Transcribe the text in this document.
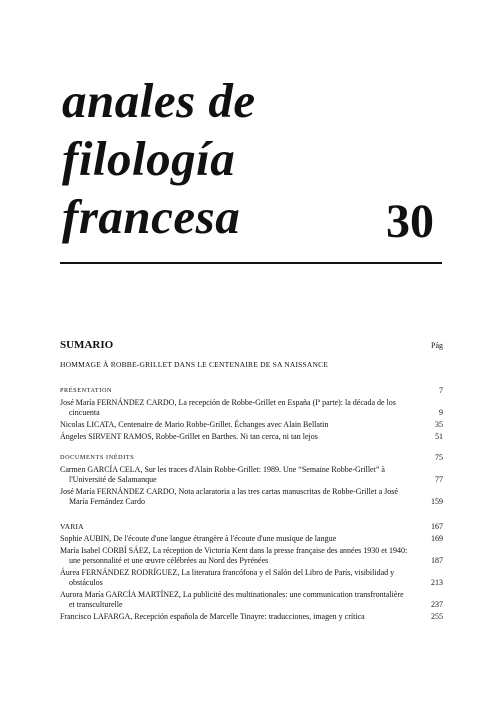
anales de
filología
francesa	30
SUMARIO	Pág
HOMMAGE À ROBBE-GRILLET DANS LE CENTENAIRE DE SA NAISSANCE
PRÉSENTATION	7
José María FERNÁNDEZ CARDO, La recepción de Robbe-Grillet en España (Iª parte): la década de los
cincuenta	9
Nicolas LICATA, Centenaire de Mario Robbe-Grillet. Échanges avec Alain Bellatin	35
Ángeles SIRVENT RAMOS, Robbe-Grillet en Barthes. Ni tan cerca, ni tan lejos	51
DOCUMENTS INÉDITS	75
Carmen GARCÍA CELA, Sur les traces d'Alain Robbe-Grillet: 1989. Une “Semaine Robbe-Grillet” à
l'Université de Salamanque	77
José María FERNÁNDEZ CARDO, Nota aclaratoria a las tres cartas manuscritas de Robbe-Grillet a José
María Fernández Cardo	159
VARIA	167
Sophie AUBIN, De l'écoute d'une langue étrangère à l'écoute d'une musique de langue	169
María Isabel CORBÍ SÁEZ, La réception de Victoria Kent dans la presse française des années 1930 et 1940:
une personnalité et une œuvre célébrées au Nord des Pyrénées	187
Áurea FERNÁNDEZ RODRÍGUEZ, La literatura francófona y el Salón del Libro de París, visibilidad y
obstáculos	213
Aurora María GARCÍA MARTÍNEZ, La publicité des multinationales: une communication transfrontalière
et transculturelle	237
Francisco LAFARGA, Recepción española de Marcelle Tinayre: traducciones, imagen y crítica	255
